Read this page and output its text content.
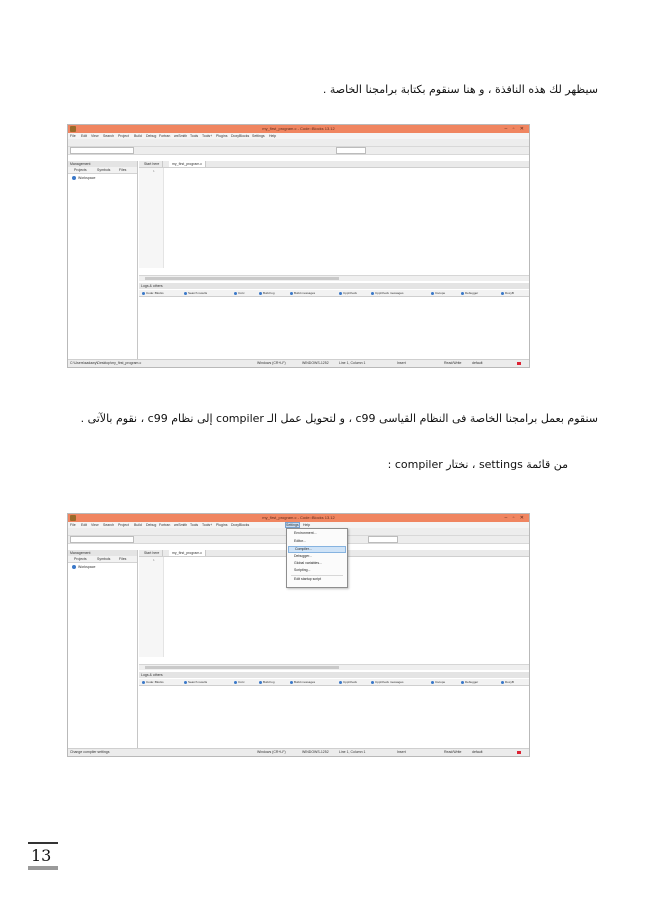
سيظهر لك هذه النافذة ، و هنا سنقوم بكتابة برامجنا الخاصة .
my_first_program.c - Code::Blocks 13.12	– ▫ ✕
File Edit View Search Project Build Debug Fortran wxSmith Tools Tools+ Plugins DoxyBlocks Settings Help
Management
Projects	Symbols Files
Workspace
Start here	my_first_program.c
1
Logs & others
Code::Blocks	Search results	Cccc	Build log	Build messages	CppCheck	CppCheck messages	Cscope	Debugger	DoxyB
C:\Users\sadawy\Desktop\my_first_program.c	Windows (CR+LF)	WINDOWS-1252	Line 1, Column 1	Insert	Read/Write	default
سنقوم بعمل برامجنا الخاصة فى النظام القياسى c99 ، و لتحويل عمل الـ compiler إلى نظام c99 ، نقوم بالآتى .
من قائمة settings ، نختار compiler :
my_first_program.c - Code::Blocks 13.12	– ▫ ✕
File Edit View Search Project Build Debug Fortran wxSmith Tools Tools+ Plugins DoxyBlocks	Settings Help
Management
Projects	Symbols Files
Workspace
Start here	my_first_program.c
1
Logs & others
Code::Blocks	Search results	Cccc	Build log	Build messages	CppCheck	CppCheck messages	Cscope	Debugger	DoxyB
Change compiler settings	Windows (CR+LF)	WINDOWS-1252	Line 1, Column 1	Insert	Read/Write	default
Environment...
Editor...
Compiler...
Debugger...
Global variables...
Scripting...
Edit startup script
13
